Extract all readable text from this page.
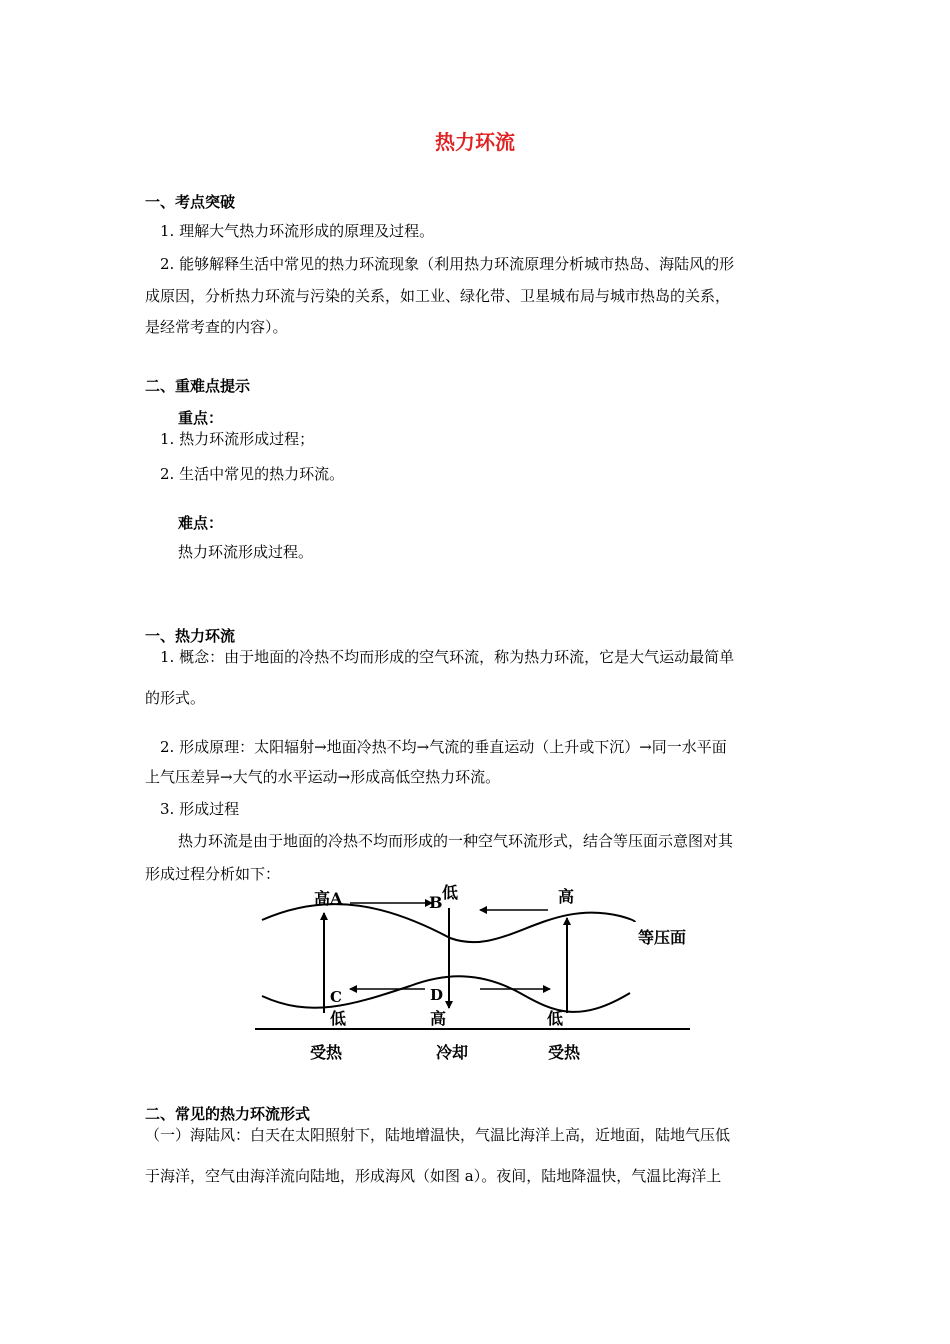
热力环流
一、考点突破
1. 理解大气热力环流形成的原理及过程。
2. 能够解释生活中常见的热力环流现象（利用热力环流原理分析城市热岛、海陆风的形
成原因，分析热力环流与污染的关系，如工业、绿化带、卫星城布局与城市热岛的关系，
是经常考查的内容）。
二、重难点提示
重点：
1. 热力环流形成过程；
2. 生活中常见的热力环流。
难点：
热力环流形成过程。
一、热力环流
1. 概念：由于地面的冷热不均而形成的空气环流，称为热力环流，它是大气运动最简单
的形式。
2. 形成原理：太阳辐射→地面冷热不均→气流的垂直运动（上升或下沉）→同一水平面
上气压差异→大气的水平运动→形成高低空热力环流。
3. 形成过程
热力环流是由于地面的冷热不均而形成的一种空气环流形式，结合等压面示意图对其
形成过程分析如下：
高A	B
低	高
等压面
C	D
低	高	低
受热	冷却	受热
二、常见的热力环流形式
（一）海陆风：白天在太阳照射下，陆地增温快，气温比海洋上高，近地面，陆地气压低
于海洋，空气由海洋流向陆地，形成海风（如图 a）。夜间，陆地降温快，气温比海洋上
